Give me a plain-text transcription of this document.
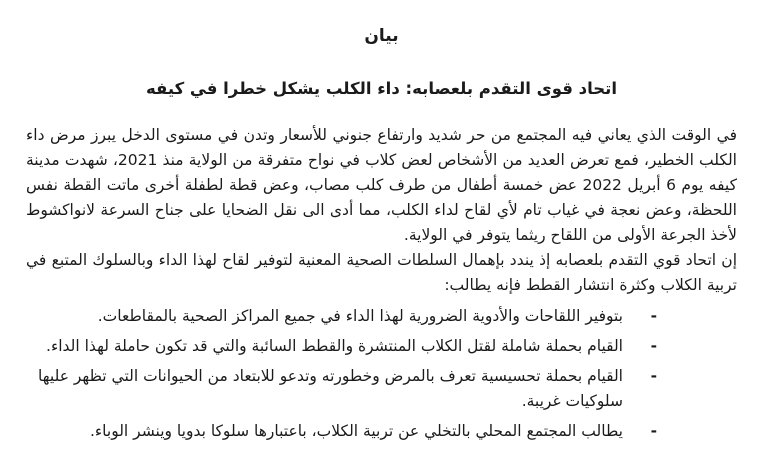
بيان
اتحاد قوى التقدم بلعصابه: داء الكلب يشكل خطرا في كيفه

في الوقت الذي يعاني فيه المجتمع من حر شديد وارتفاع جنوني للأسعار وتدن في مستوى الدخل يبرز مرض داء الكلب الخطير، فمع تعرض العديد من الأشخاص لعض كلاب في نواح متفرقة من الولاية منذ 2021، شهدت مدينة كيفه يوم 6 أبريل 2022 عض خمسة أطفال من طرف كلب مصاب، وعض قطة لطفلة أخرى ماتت القطة نفس اللحظة، وعض نعجة في غياب تام لأي لقاح لداء الكلب، مما أدى الى نقل الضحايا على جناح السرعة لانواكشوط لأخذ الجرعة الأولى من اللقاح ريثما يتوفر في الولاية.

إن اتحاد قوي التقدم بلعصابه إذ يندد بإهمال السلطات الصحية المعنية لتوفير لقاح لهذا الداء وبالسلوك المتبع في تربية الكلاب وكثرة انتشار القطط فإنه يطالب:

-
بتوفير اللقاحات والأدوية الضرورية لهذا الداء في جميع المراكز الصحية بالمقاطعات.
-
القيام بحملة شاملة لقتل الكلاب المنتشرة والقطط السائبة والتي قد تكون حاملة لهذا الداء.
-
القيام بحملة تحسيسية تعرف بالمرض وخطورته وتدعو للابتعاد من الحيوانات التي تظهر عليها سلوكيات غريبة.
-
يطالب المجتمع المحلي بالتخلي عن تربية الكلاب، باعتبارها سلوكا بدويا وينشر الوباء.
